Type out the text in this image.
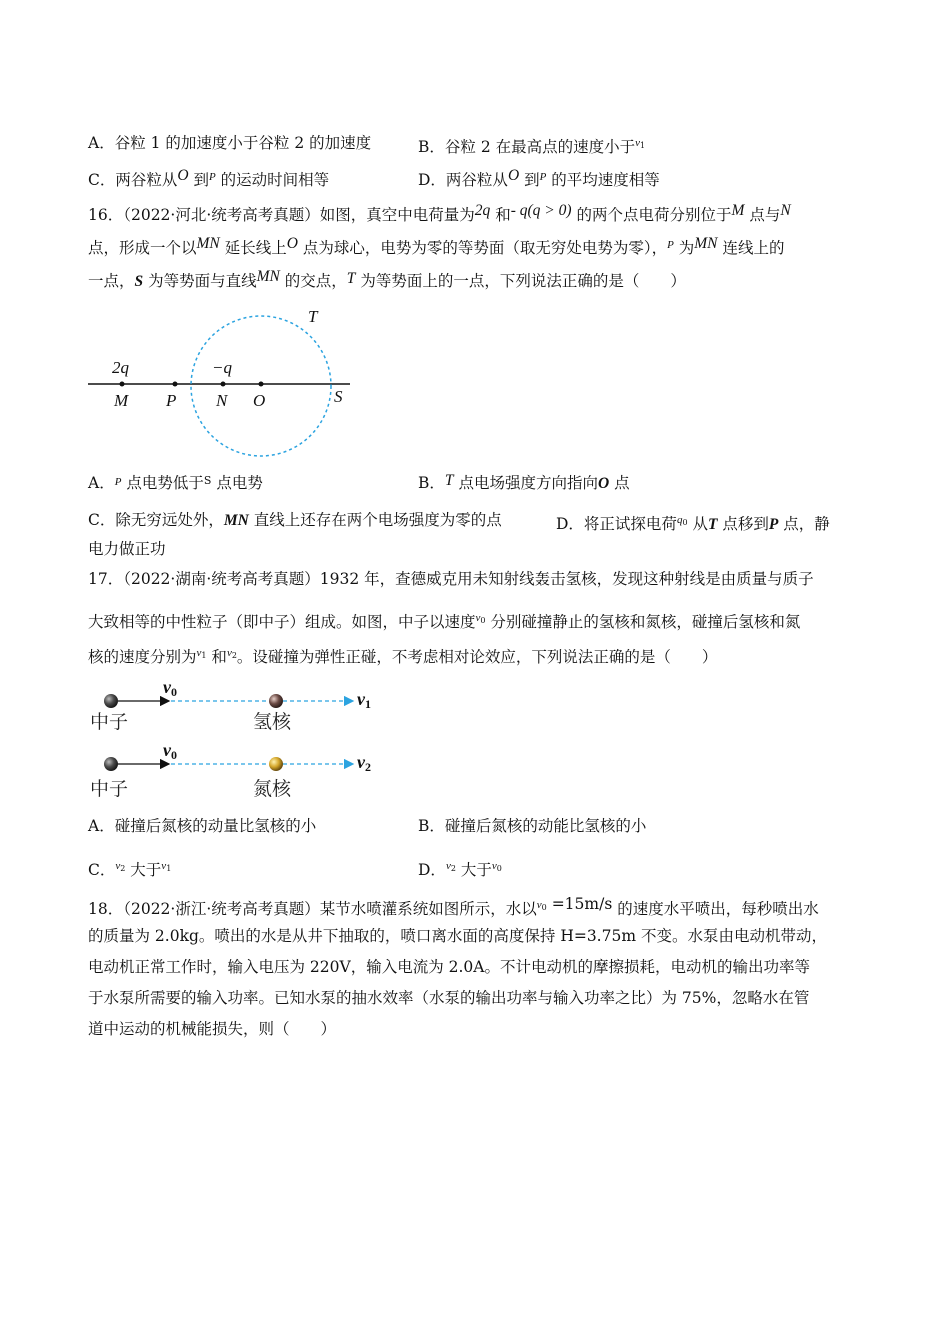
A．谷粒 1 的加速度小于谷粒 2 的加速度	B．谷粒 2 在最高点的速度小于$^{v1}$
C．两谷粒从O 到$^P$ 的运动时间相等	D．两谷粒从O 到$^P$ 的平均速度相等
16．（2022·河北·统考高考真题）如图，真空中电荷量为2q 和- q(q > 0) 的两个点电荷分别位于M 点与N
点，形成一个以MN 延长线上O 点为球心，电势为零的等势面（取无穷处电势为零），$^P$ 为MN 连线上的
一点，S 为等势面与直线MN 的交点，T 为等势面上的一点，下列说法正确的是（　　）
T
2q	−q
M P N O	S
A．P 点电势低于$^S$ 点电势	B．T 点电场强度方向指向O 点
C．除无穷远处外，MN 直线上还存在两个电场强度为零的点	D．将正试探电荷$^{q0}$ 从T 点移到P 点，静
电力做正功
17．（2022·湖南·统考高考真题）1932 年，查德威克用未知射线轰击氢核，发现这种射线是由质量与质子
大致相等的中性粒子（即中子）组成。如图，中子以速度$^{v0}$ 分别碰撞静止的氢核和氮核，碰撞后氢核和氮
核的速度分别为$^{v1}$ 和$^{v2}$。设碰撞为弹性正碰，不考虑相对论效应，下列说法正确的是（　　）
v0	v1
中子	氢核
v0	v2
中子	氮核
A．碰撞后氮核的动量比氢核的小	B．碰撞后氮核的动能比氢核的小
C．$^{v2}$ 大于$^{v1}$	D．$^{v2}$ 大于$^{v0}$
18．（2022·浙江·统考高考真题）某节水喷灌系统如图所示，水以$^{v0}$ =15m/s 的速度水平喷出，每秒喷出水
的质量为 2.0kg。喷出的水是从井下抽取的，喷口离水面的高度保持 H=3.75m 不变。水泵由电动机带动，
电动机正常工作时，输入电压为 220V，输入电流为 2.0A。不计电动机的摩擦损耗，电动机的输出功率等
于水泵所需要的输入功率。已知水泵的抽水效率（水泵的输出功率与输入功率之比）为 75%，忽略水在管
道中运动的机械能损失，则（　　）
